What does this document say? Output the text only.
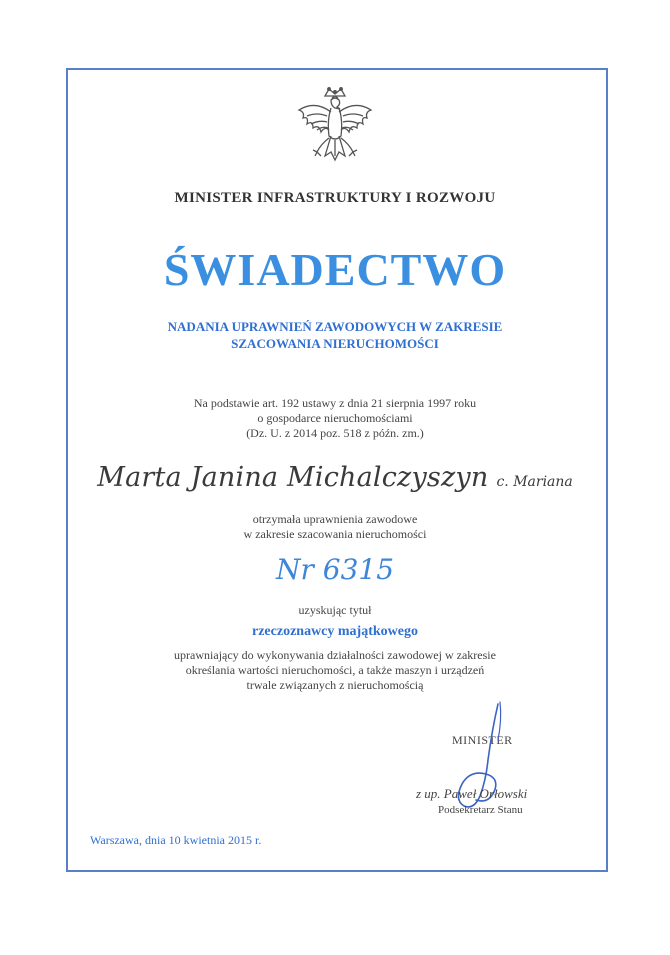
MINISTER INFRASTRUKTURY I ROZWOJU
ŚWIADECTWO
NADANIA UPRAWNIEŃ ZAWODOWYCH W ZAKRESIE
SZACOWANIA NIERUCHOMOŚCI
Na podstawie art. 192 ustawy z dnia 21 sierpnia 1997 roku
o gospodarce nieruchomościami
(Dz. U. z 2014 poz. 518 z późn. zm.)
Marta Janina Michalczyszyn c. Mariana
otrzymała uprawnienia zawodowe
w zakresie szacowania nieruchomości
Nr 6315
uzyskując tytuł
rzeczoznawcy majątkowego
uprawniający do wykonywania działalności zawodowej w zakresie
określania wartości nieruchomości, a także maszyn i urządzeń
trwale związanych z nieruchomością
MINISTER
z up. Paweł Orłowski
Podsekretarz Stanu
Warszawa, dnia 10 kwietnia 2015 r.
